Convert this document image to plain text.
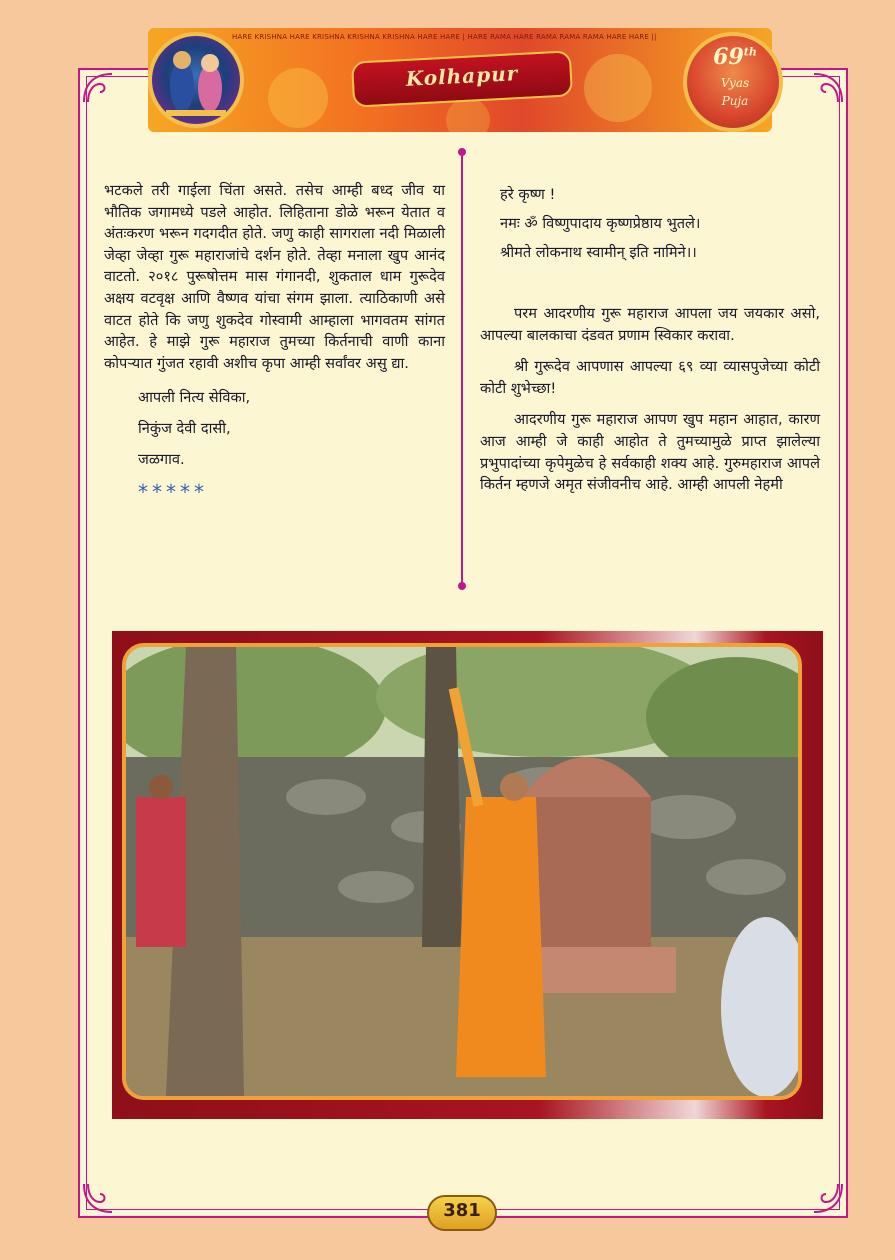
HARE KRISHNA HARE KRISHNA KRISHNA KRISHNA HARE HARE | HARE RAMA HARE RAMA RAMA RAMA HARE HARE ||
69th
Vyas
Puja
Kolhapur

भटकले तरी गाईला चिंता असते. तसेच आम्ही बध्द जीव या भौतिक जगामध्ये पडले आहोत. लिहिताना डोळे भरून येतात व अंतःकरण भरून गदगदीत होते. जणु काही सागराला नदी मिळाली जेव्हा जेव्हा गुरू महाराजांचे दर्शन होते. तेव्हा मनाला खुप आनंद वाटतो. २०१८ पुरूषोत्तम मास गंगानदी, शुकताल धाम गुरूदेव अक्षय वटवृक्ष आणि वैष्णव यांचा संगम झाला. त्याठिकाणी असे वाटत होते कि जणु शुकदेव गोस्वामी आम्हाला भागवतम सांगत आहेत. हे माझे गुरू महाराज तुमच्या किर्तनाची वाणी काना कोपऱ्यात गुंजत रहावी अशीच कृपा आम्ही सर्वांवर असु द्या.

आपली नित्य सेविका,

निकुंज देवी दासी,

जळगाव.

*****

हरे कृष्ण !

नमः ॐ विष्णुपादाय कृष्णप्रेष्ठाय भुतले।

श्रीमते लोकनाथ स्वामीन् इति नामिने।।

परम आदरणीय गुरू महाराज आपला जय जयकार असो, आपल्या बालकाचा दंडवत प्रणाम स्विकार करावा.

श्री गुरूदेव आपणास आपल्या ६९ व्या व्यासपुजेच्या कोटी कोटी शुभेच्छा!

आदरणीय गुरू महाराज आपण खुप महान आहात, कारण आज आम्ही जे काही आहोत ते तुमच्यामुळे प्राप्त झालेल्या प्रभुपादांच्या कृपेमुळेच हे सर्वकाही शक्य आहे. गुरुमहाराज आपले किर्तन म्हणजे अमृत संजीवनीच आहे. आम्ही आपली नेहमी

381
